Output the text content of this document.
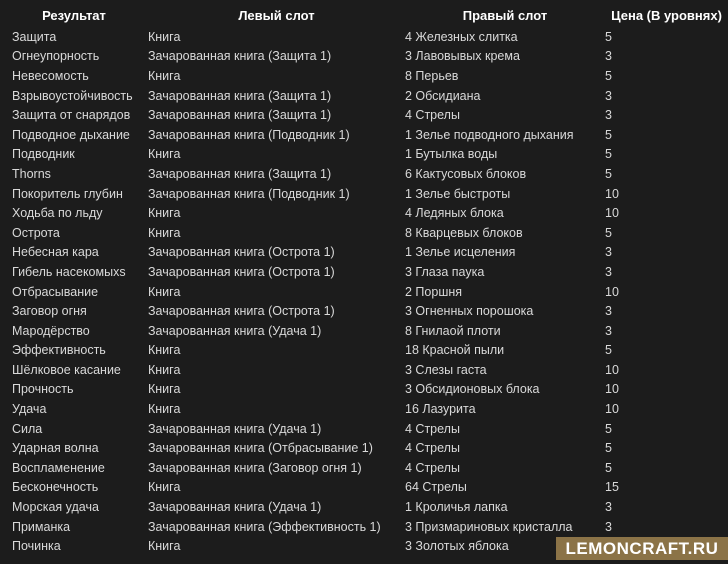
Результат	Левый слот	Правый слот	Цена (В уровнях)
Защита	Книга	4 Железных слитка	5
Огнеупорность	Зачарованная книга (Защита 1)	3 Лавовывых крема	3
Невесомость	Книга	8 Перьев	5
Взрывоустойчивость	Зачарованная книга (Защита 1)	2 Обсидиана	3
Защита от снарядов	Зачарованная книга (Защита 1)	4 Стрелы	3
Подводное дыхание	Зачарованная книга (Подводник 1)	1 Зелье подводного дыхания	5
Подводник	Книга	1 Бутылка воды	5
Thorns	Зачарованная книга (Защита 1)	6 Кактусовых блоков	5
Покоритель глубин	Зачарованная книга (Подводник 1)	1 Зелье быстроты	10
Ходьба по льду	Книга	4 Ледяных блока	10
Острота	Книга	8 Кварцевых блоков	5
Небесная кара	Зачарованная книга (Острота 1)	1 Зелье исцеления	3
Гибель насекомыхs	Зачарованная книга (Острота 1)	3 Глаза паука	3
Отбрасывание	Книга	2 Поршня	10
Заговор огня	Зачарованная книга (Острота 1)	3 Огненных порошока	3
Мародёрство	Зачарованная книга (Удача 1)	8 Гнилаой плоти	3
Эффективность	Книга	18 Красной пыли	5
Шёлковое касание	Книга	3 Слезы гаста	10
Прочность	Книга	3 Обсидионовых блока	10
Удача	Книга	16 Лазурита	10
Сила	Зачарованная книга (Удача 1)	4 Стрелы	5
Ударная волна	Зачарованная книга (Отбрасывание 1)	4 Стрелы	5
Воспламенение	Зачарованная книга (Заговор огня 1)	4 Стрелы	5
Бесконечность	Книга	64 Стрелы	15
Морская удача	Зачарованная книга (Удача 1)	1 Кроличья лапка	3
Приманка	Зачарованная книга (Эффективность 1)	3 Призмариновых кристалла	3
Починка	Книга	3 Золотых яблока		LEMONCRAFT.RU
